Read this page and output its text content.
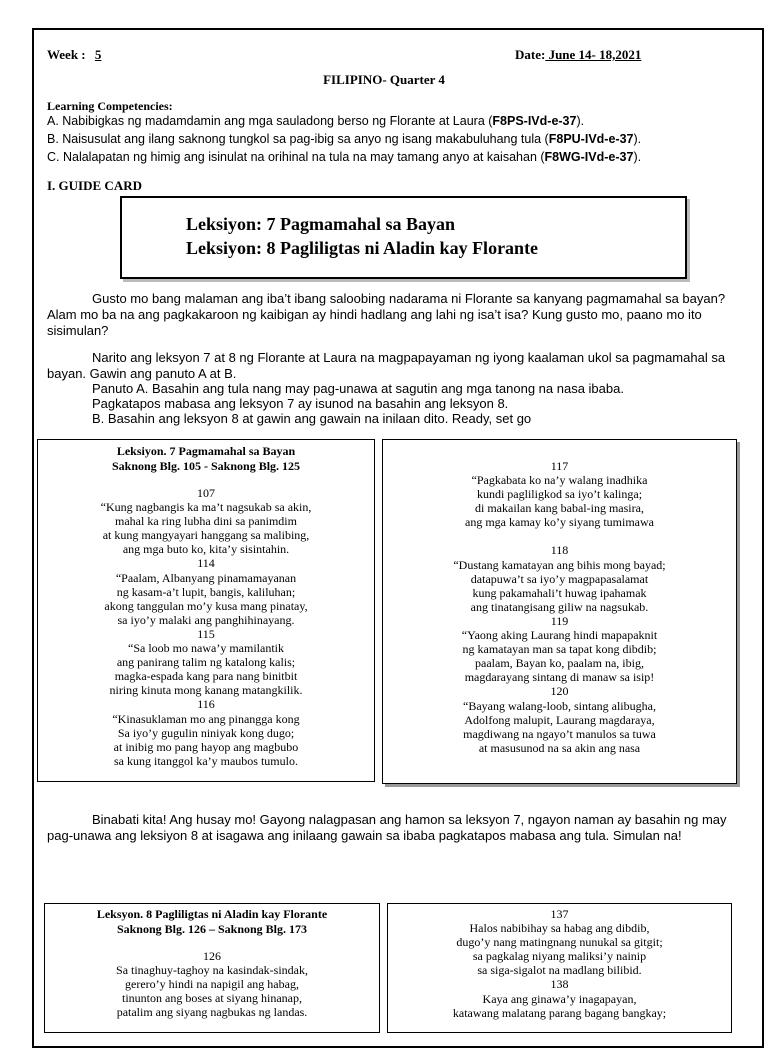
Week : 5	Date: June 14- 18,2021
FILIPINO- Quarter 4
Learning Competencies:
A. Nabibigkas ng madamdamin ang mga sauladong berso ng Florante at Laura (F8PS-IVd-e-37).
B. Naisusulat ang ilang saknong tungkol sa pag-ibig sa anyo ng isang makabuluhang tula (F8PU-IVd-e-37).
C. Nalalapatan ng himig ang isinulat na orihinal na tula na may tamang anyo at kaisahan (F8WG-IVd-e-37).
I. GUIDE CARD
Leksiyon: 7 Pagmamahal sa Bayan
Leksiyon: 8 Pagliligtas ni Aladin kay Florante
Gusto mo bang malaman ang iba’t ibang saloobing nadarama ni Florante sa kanyang pagmamahal sa bayan? Alam mo ba na ang pagkakaroon ng kaibigan ay hindi hadlang ang lahi ng isa’t isa? Kung gusto mo, paano mo ito sisimulan?
Narito ang leksyon 7 at 8 ng Florante at Laura na magpapayaman ng iyong kaalaman ukol sa pagmamahal sa bayan. Gawin ang panuto A at B.
Panuto A. Basahin ang tula nang may pag-unawa at sagutin ang mga tanong na nasa ibaba.
Pagkatapos mabasa ang leksyon 7 ay isunod na basahin ang leksyon 8.
B. Basahin ang leksyon 8 at gawin ang gawain na inilaan dito. Ready, set go
Leksiyon. 7 Pagmamahal sa Bayan
Saknong Blg. 105 - Saknong Blg. 125
107
“Kung nagbangis ka ma’t nagsukab sa akin,
mahal ka ring lubha dini sa panimdim
at kung mangyayari hanggang sa malibing,
ang mga buto ko, kita’y sisintahin.
114
“Paalam, Albanyang pinamamayanan
ng kasam-a’t lupit, bangis, kaliluhan;
akong tanggulan mo’y kusa mang pinatay,
sa iyo’y malaki ang panghihinayang.
115
“Sa loob mo nawa’y mamilantik
ang panirang talim ng katalong kalis;
magka-espada kang para nang binitbit
niring kinuta mong kanang matangkilik.
116
“Kinasuklaman mo ang pinangga kong
Sa iyo’y gugulin niniyak kong dugo;
at inibig mo pang hayop ang magbubo
sa kung itanggol ka’y maubos tumulo.
117
“Pagkabata ko na’y walang inadhika
kundi pagliligkod sa iyo’t kalinga;
di makailan kang babal-ing masira,
ang mga kamay ko’y siyang tumimawa
118
“Dustang kamatayan ang bihis mong bayad;
datapuwa’t sa iyo’y magpapasalamat
kung pakamahali’t huwag ipahamak
ang tinatangisang giliw na nagsukab.
119
“Yaong aking Laurang hindi mapapaknit
ng kamatayan man sa tapat kong dibdib;
paalam, Bayan ko, paalam na, ibig,
magdarayang sintang di manaw sa isip!
120
“Bayang walang-loob, sintang alibugha,
Adolfong malupit, Laurang magdaraya,
magdiwang na ngayo’t manulos sa tuwa
at masusunod na sa akin ang nasa
Binabati kita! Ang husay mo! Gayong nalagpasan ang hamon sa leksyon 7, ngayon naman ay basahin ng may pag-unawa ang leksiyon 8 at isagawa ang inilaang gawain sa ibaba pagkatapos mabasa ang tula. Simulan na!
Leksyon. 8 Pagliligtas ni Aladin kay Florante
Saknong Blg. 126 – Saknong Blg. 173
126
Sa tinaghuy-taghoy na kasindak-sindak,
gerero’y hindi na napigil ang habag,
tinunton ang boses at siyang hinanap,
patalim ang siyang nagbukas ng landas.
137
Halos nabibihay sa habag ang dibdib,
dugo’y nang matingnang nunukal sa gitgit;
sa pagkalag niyang maliksi’y nainip
sa siga-sigalot na madlang bilibid.
138
Kaya ang ginawa’y inagapayan,
katawang malatang parang bagang bangkay;
